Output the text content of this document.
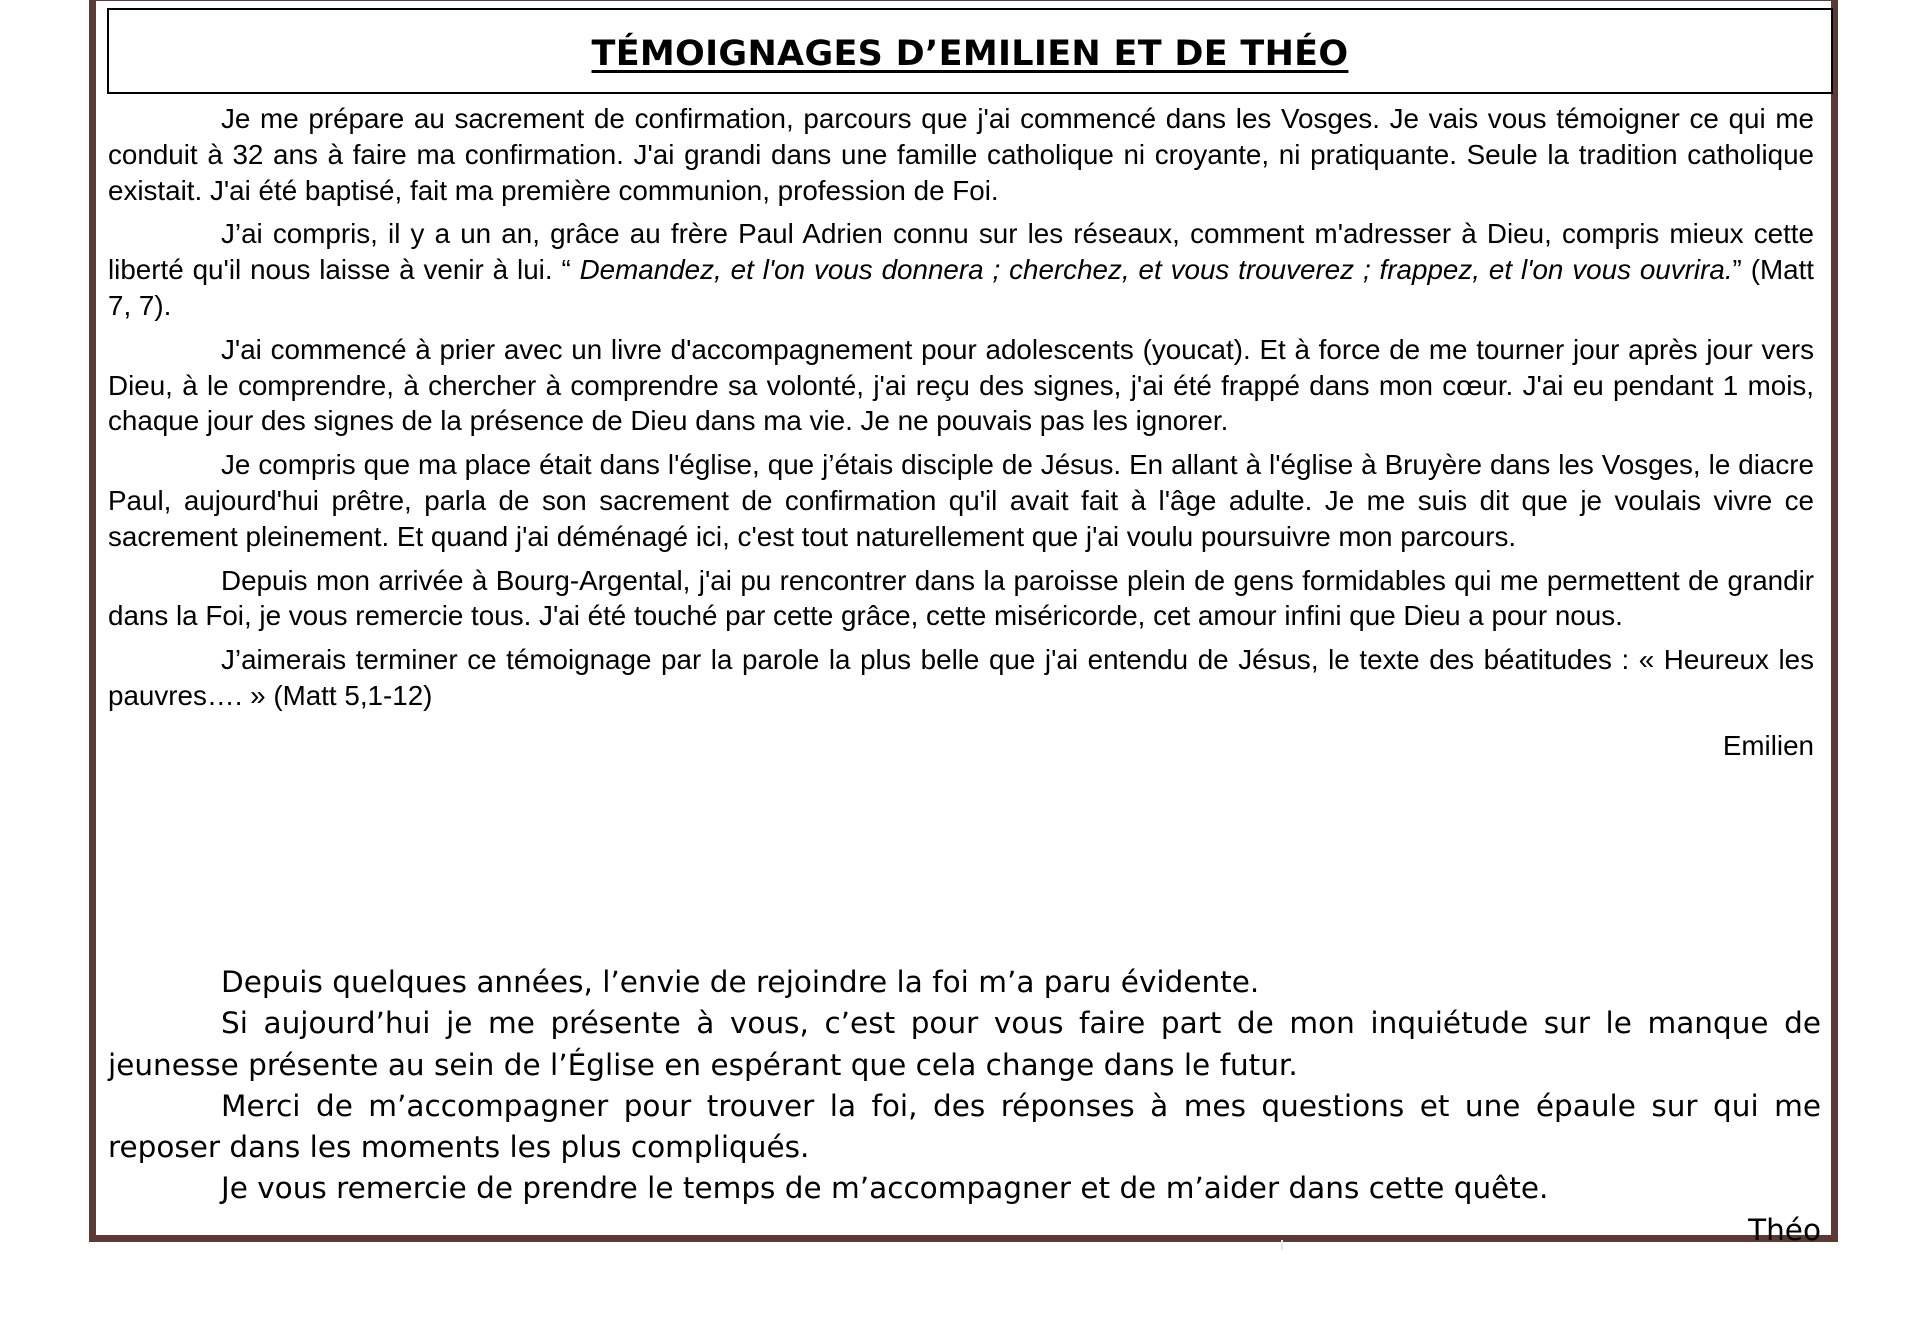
TÉMOIGNAGES D’EMILIEN ET DE THÉO

Je me prépare au sacrement de confirmation, parcours que j'ai commencé dans les Vosges. Je vais vous témoigner ce qui me conduit à 32 ans à faire ma confirmation. J'ai grandi dans une famille catholique ni croyante, ni pratiquante. Seule la tradition catholique existait. J'ai été baptisé, fait ma première communion, profession de Foi.

J’ai compris, il y a un an, grâce au frère Paul Adrien connu sur les réseaux, comment m'adresser à Dieu, compris mieux cette liberté qu'il nous laisse à venir à lui. “ Demandez, et l'on vous donnera ; cherchez, et vous trouverez ; frappez, et l'on vous ouvrira.” (Matt 7, 7).

J'ai commencé à prier avec un livre d'accompagnement pour adolescents (youcat). Et à force de me tourner jour après jour vers Dieu, à le comprendre, à chercher à comprendre sa volonté, j'ai reçu des signes, j'ai été frappé dans mon cœur. J'ai eu pendant 1 mois, chaque jour des signes de la présence de Dieu dans ma vie. Je ne pouvais pas les ignorer.

Je compris que ma place était dans l'église, que j’étais disciple de Jésus. En allant à l'église à Bruyère dans les Vosges, le diacre Paul, aujourd'hui prêtre, parla de son sacrement de confirmation qu'il avait fait à l'âge adulte. Je me suis dit que je voulais vivre ce sacrement pleinement. Et quand j'ai déménagé ici, c'est tout naturellement que j'ai voulu poursuivre mon parcours.

Depuis mon arrivée à Bourg-Argental, j'ai pu rencontrer dans la paroisse plein de gens formidables qui me permettent de grandir dans la Foi, je vous remercie tous. J'ai été touché par cette grâce, cette miséricorde, cet amour infini que Dieu a pour nous.

J’aimerais terminer ce témoignage par la parole la plus belle que j'ai entendu de Jésus, le texte des béatitudes : « Heureux les pauvres…. » (Matt 5,1-12)

Emilien

Depuis quelques années, l’envie de rejoindre la foi m’a paru évidente.

Si aujourd’hui je me présente à vous, c’est pour vous faire part de mon inquiétude sur le manque de jeunesse présente au sein de l’Église en espérant que cela change dans le futur.

Merci de m’accompagner pour trouver la foi, des réponses à mes questions et une épaule sur qui me reposer dans les moments les plus compliqués.

Je vous remercie de prendre le temps de m’accompagner et de m’aider dans cette quête.

Théo
